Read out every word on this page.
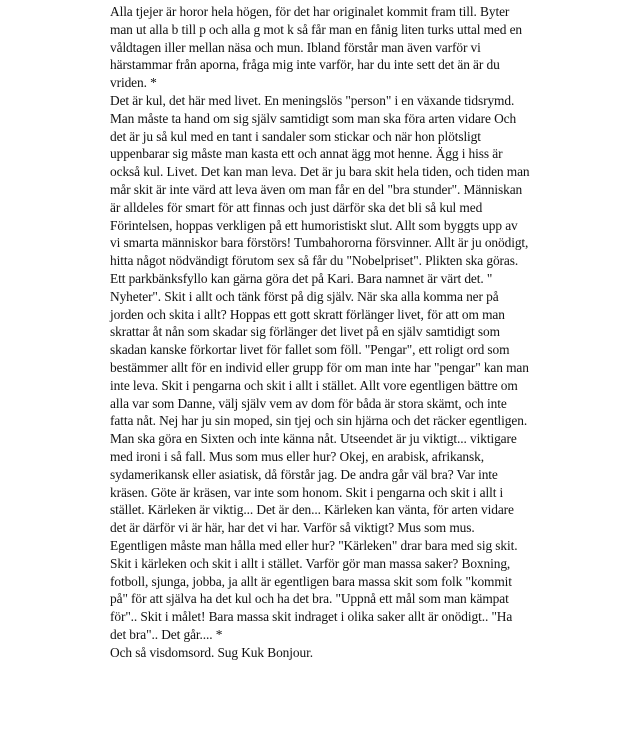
Alla tjejer är horor hela högen, för det har originalet kommit fram till. Byter man ut alla b till p och alla g mot k så får man en fånig liten turks uttal med en våldtagen iller mellan näsa och mun. Ibland förstår man även varför vi härstammar från aporna, fråga mig inte varför, har du inte sett det än är du vriden. *

Det är kul, det här med livet. En meningslös "person" i en växande tidsrymd. Man måste ta hand om sig själv samtidigt som man ska föra arten vidare Och det är ju så kul med en tant i sandaler som stickar och när hon plötsligt uppenbarar sig måste man kasta ett och annat ägg mot henne. Ägg i hiss är också kul. Livet. Det kan man leva. Det är ju bara skit hela tiden, och tiden man mår skit är inte värd att leva även om man får en del "bra stunder". Människan är alldeles för smart för att finnas och just därför ska det bli så kul med Förintelsen, hoppas verkligen på ett humoristiskt slut. Allt som byggts upp av vi smarta människor bara förstörs! Tumbahororna försvinner. Allt är ju onödigt, hitta något nödvändigt förutom sex så får du "Nobelpriset". Plikten ska göras. Ett parkbänksfyllo kan gärna göra det på Kari. Bara namnet är värt det. " Nyheter". Skit i allt och tänk först på dig själv. När ska alla komma ner på jorden och skita i allt? Hoppas ett gott skratt förlänger livet, för att om man skrattar åt nån som skadar sig förlänger det livet på en själv samtidigt som skadan kanske förkortar livet för fallet som föll. "Pengar", ett roligt ord som bestämmer allt för en individ eller grupp för om man inte har "pengar" kan man inte leva. Skit i pengarna och skit i allt i stället. Allt vore egentligen bättre om alla var som Danne, välj själv vem av dom för båda är stora skämt, och inte fatta nåt. Nej har ju sin moped, sin tjej och sin hjärna och det räcker egentligen. Man ska göra en Sixten och inte känna nåt. Utseendet är ju viktigt... viktigare med ironi i så fall. Mus som mus eller hur? Okej, en arabisk, afrikansk, sydamerikansk eller asiatisk, då förstår jag. De andra går väl bra? Var inte kräsen. Göte är kräsen, var inte som honom. Skit i pengarna och skit i allt i stället. Kärleken är viktig... Det är den... Kärleken kan vänta, för arten vidare det är därför vi är här, har det vi har. Varför så viktigt? Mus som mus. Egentligen måste man hålla med eller hur? "Kärleken" drar bara med sig skit. Skit i kärleken och skit i allt i stället. Varför gör man massa saker? Boxning, fotboll, sjunga, jobba, ja allt är egentligen bara massa skit som folk "kommit på" för att själva ha det kul och ha det bra. "Uppnå ett mål som man kämpat för".. Skit i målet! Bara massa skit indraget i olika saker allt är onödigt.. "Ha det bra".. Det går.... *

Och så visdomsord. Sug Kuk Bonjour.
